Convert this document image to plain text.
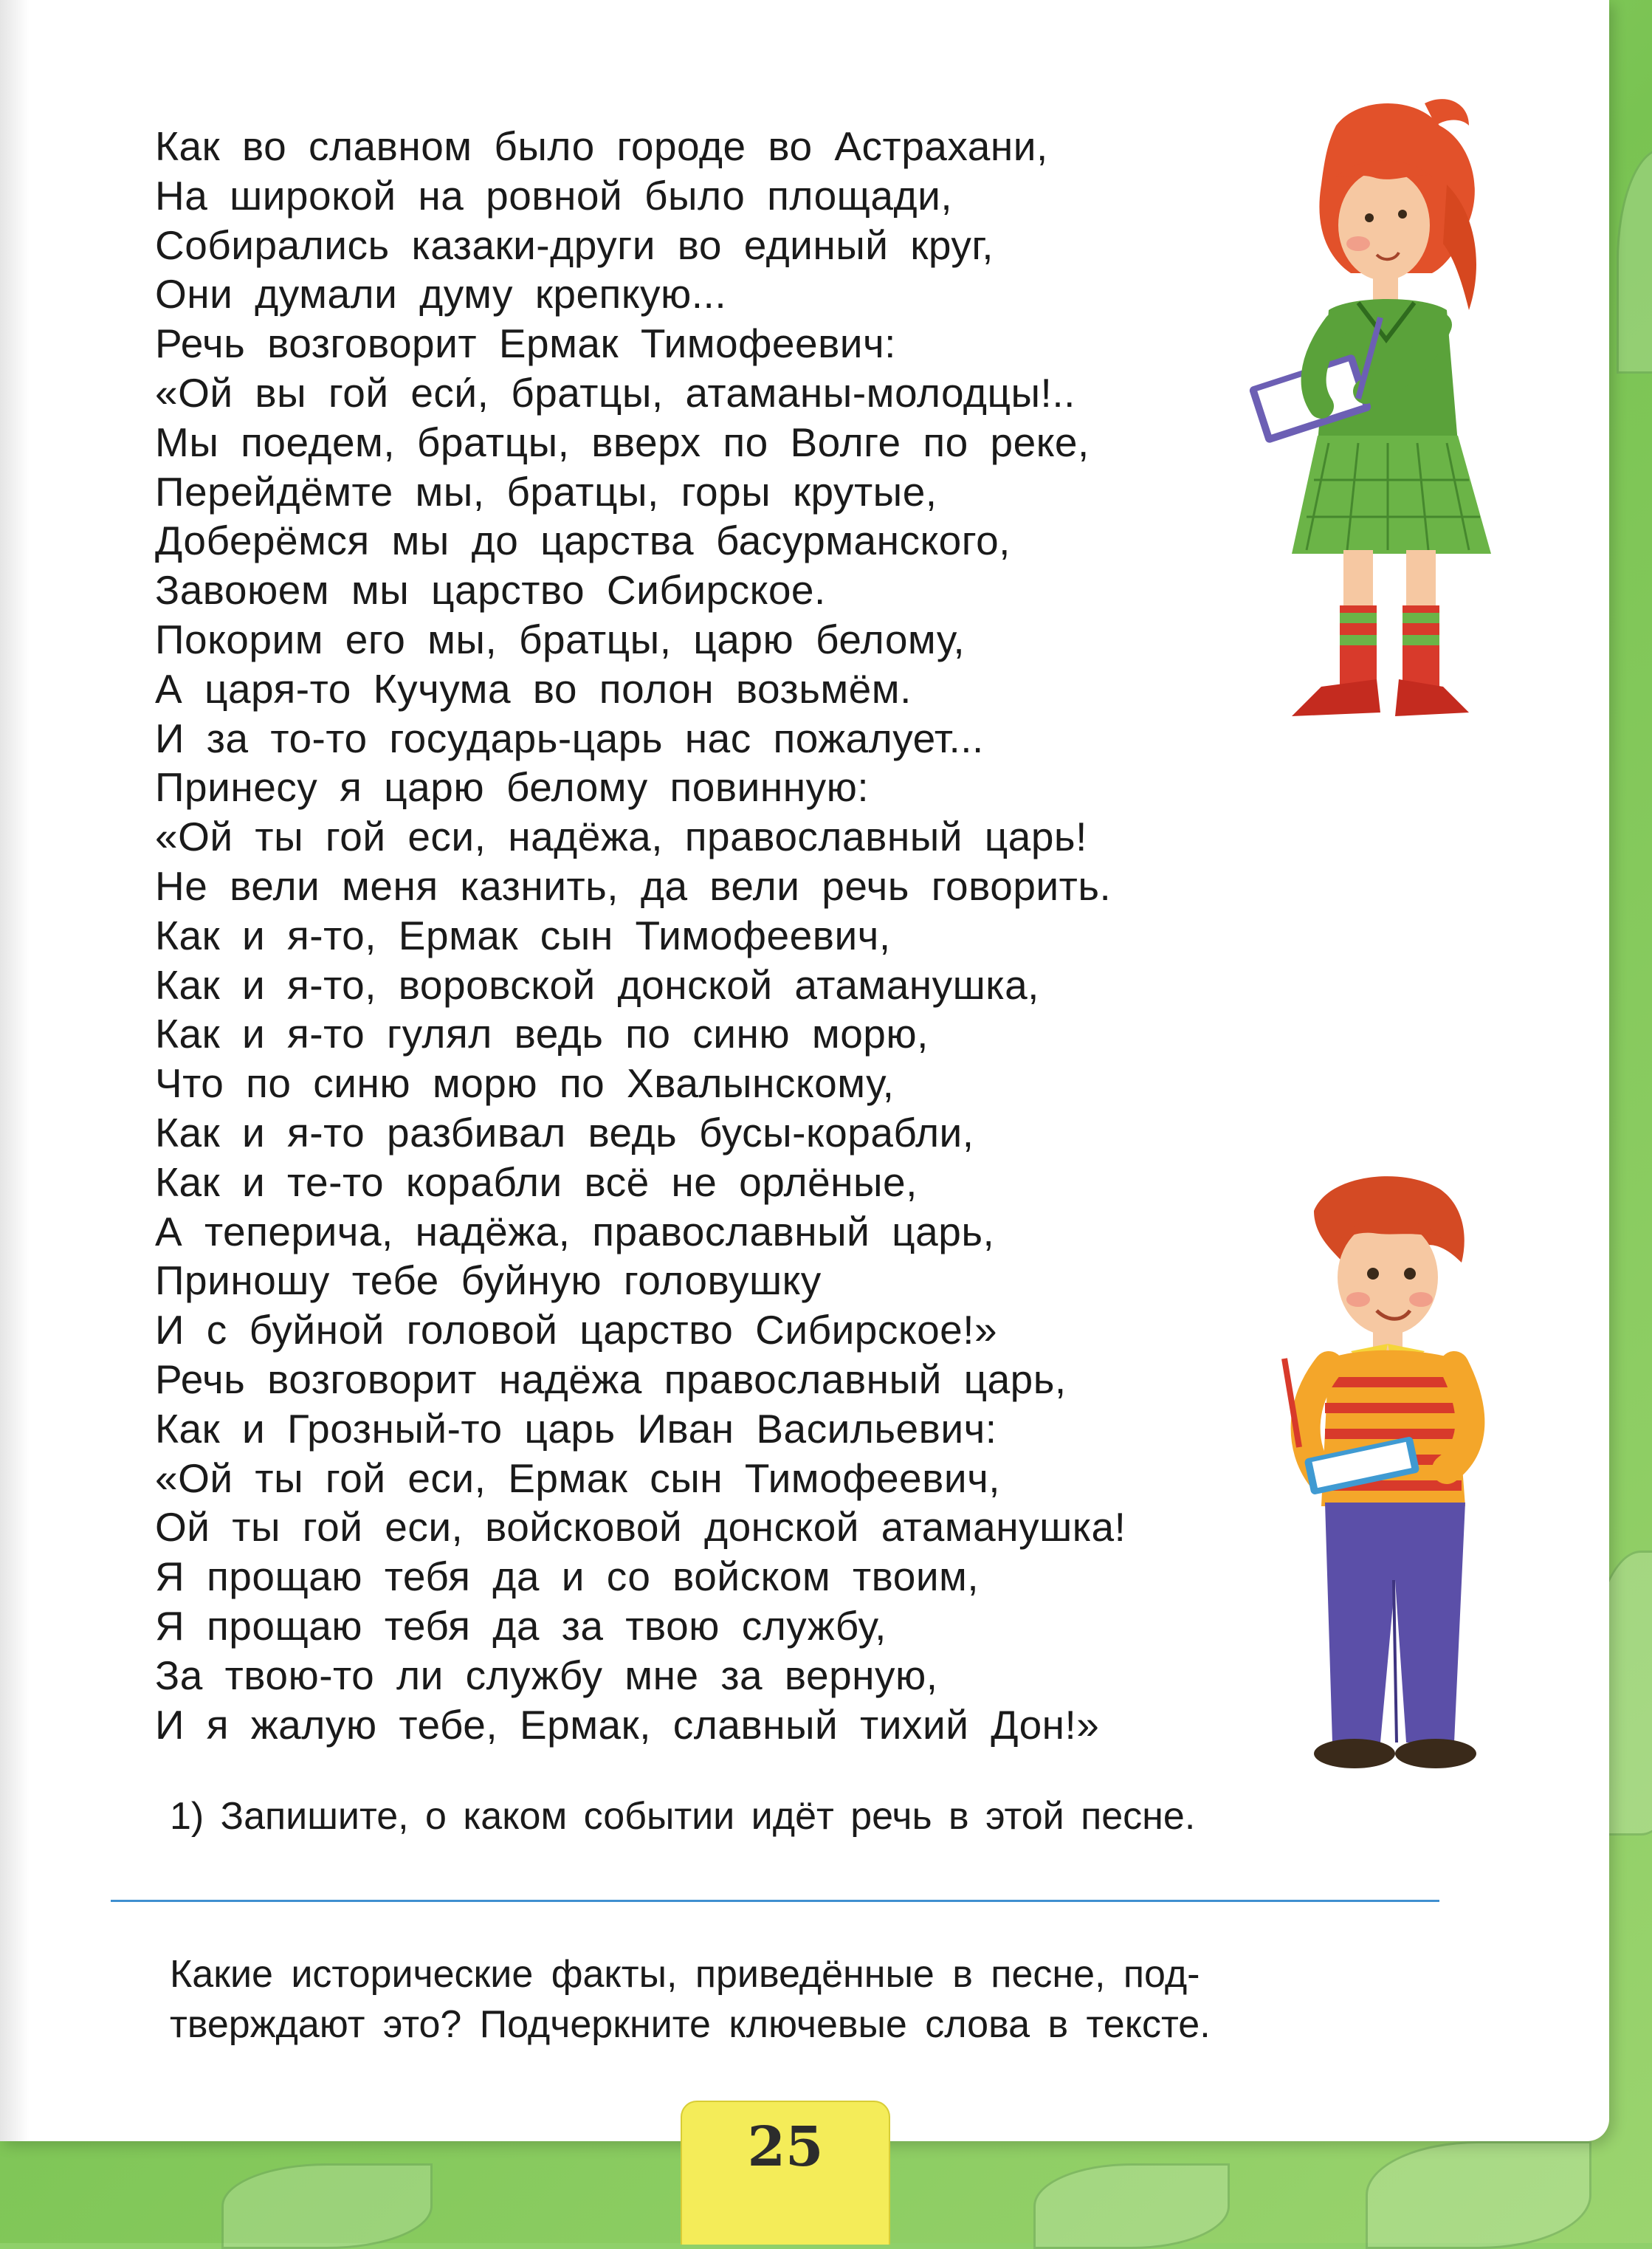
Как во славном было городе во Астрахани,
На широкой на ровной было площади,
Собирались казаки-други во единый круг,
Они думали думу крепкую...
Речь возговорит Ермак Тимофеевич:
«Ой вы гой еси́, братцы, атаманы-молодцы!..
Мы поедем, братцы, вверх по Волге по реке,
Перейдёмте мы, братцы, горы крутые,
Доберёмся мы до царства басурманского,
Завоюем мы царство Сибирское.
Покорим его мы, братцы, царю белому,
А царя-то Кучума во полон возьмём.
И за то-то государь-царь нас пожалует...
Принесу я царю белому повинную:
«Ой ты гой еси, надёжа, православный царь!
Не вели меня казнить, да вели речь говорить.
Как и я-то, Ермак сын Тимофеевич,
Как и я-то, воровской донской атаманушка,
Как и я-то гулял ведь по синю морю,
Что по синю морю по Хвалынскому,
Как и я-то разбивал ведь бусы-корабли,
Как и те-то корабли всё не орлёные,
А теперича, надёжа, православный царь,
Приношу тебе буйную головушку
И с буйной головой царство Сибирское!»
Речь возговорит надёжа православный царь,
Как и Грозный-то царь Иван Васильевич:
«Ой ты гой еси, Ермак сын Тимофеевич,
Ой ты гой еси, войсковой донской атаманушка!
Я прощаю тебя да и со войском твоим,
Я прощаю тебя да за твою службу,
За твою-то ли службу мне за верную,
И я жалую тебе, Ермак, славный тихий Дон!»
1) Запишите, о каком событии идёт речь в этой песне.
Какие исторические факты, приведённые в песне, под-
тверждают это? Подчеркните ключевые слова в тексте.
25
